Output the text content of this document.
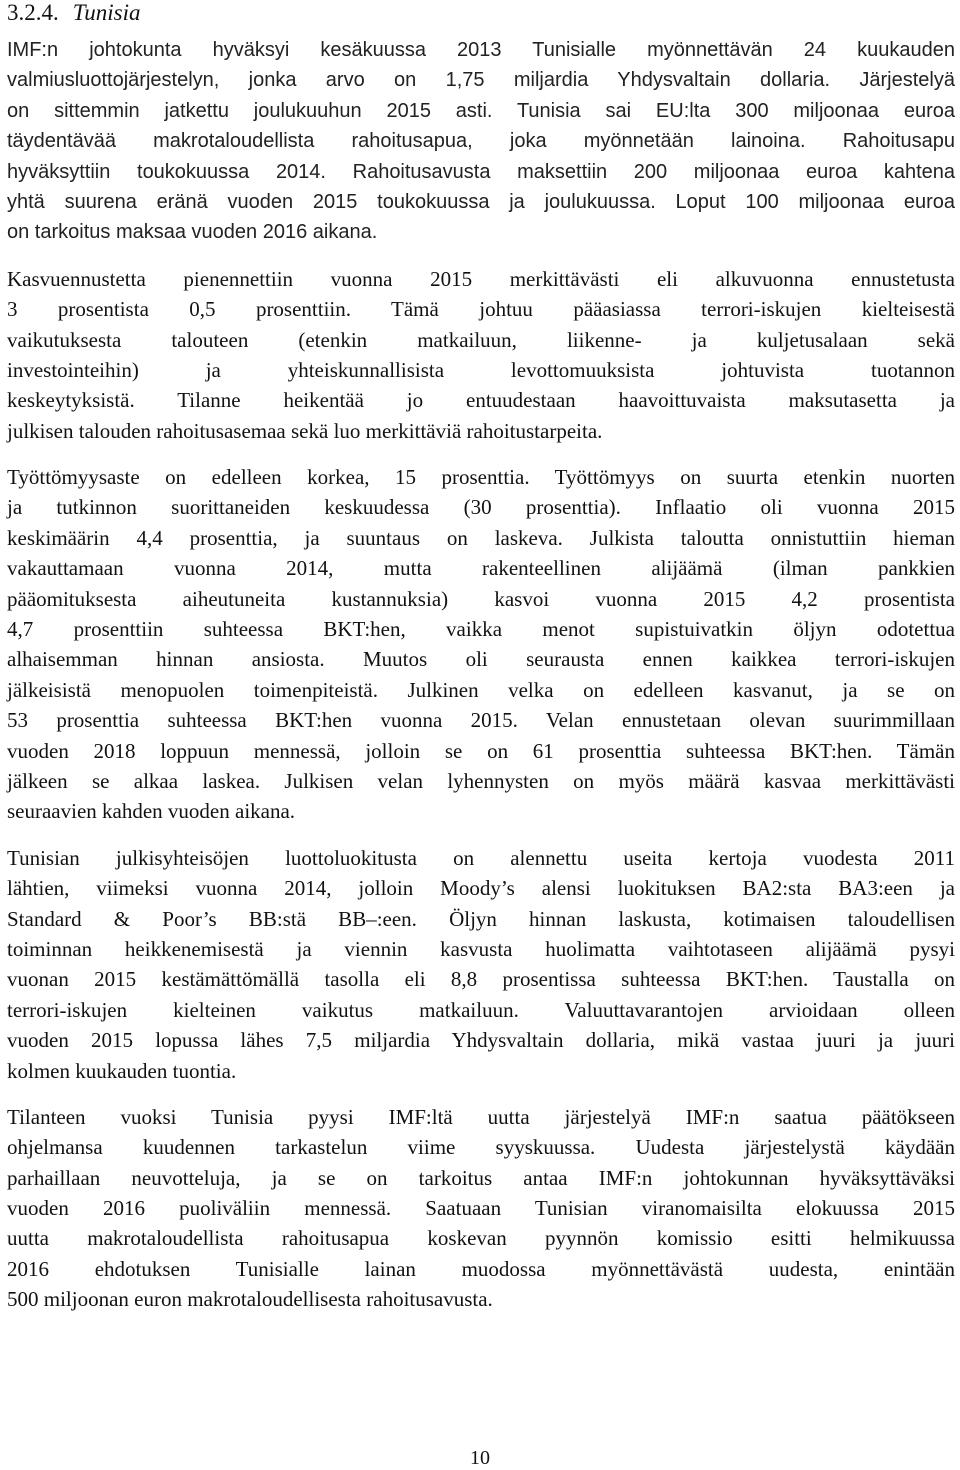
3.2.4. Tunisia
IMF:n johtokunta hyväksyi kesäkuussa 2013 Tunisialle myönnettävän 24 kuukauden
valmiusluottojärjestelyn, jonka arvo on 1,75 miljardia Yhdysvaltain dollaria. Järjestelyä
on sittemmin jatkettu joulukuuhun 2015 asti. Tunisia sai EU:lta 300 miljoonaa euroa
täydentävää makrotaloudellista rahoitusapua, joka myönnetään lainoina. Rahoitusapu
hyväksyttiin toukokuussa 2014. Rahoitusavusta maksettiin 200 miljoonaa euroa kahtena
yhtä suurena eränä vuoden 2015 toukokuussa ja joulukuussa. Loput 100 miljoonaa euroa
on tarkoitus maksaa vuoden 2016 aikana.
Kasvuennustetta pienennettiin vuonna 2015 merkittävästi eli alkuvuonna ennustetusta
3 prosentista 0,5 prosenttiin. Tämä johtuu pääasiassa terrori-iskujen kielteisestä
vaikutuksesta talouteen (etenkin matkailuun, liikenne- ja kuljetusalaan sekä
investointeihin) ja yhteiskunnallisista levottomuuksista johtuvista tuotannon
keskeytyksistä. Tilanne heikentää jo entuudestaan haavoittuvaista maksutasetta ja
julkisen talouden rahoitusasemaa sekä luo merkittäviä rahoitustarpeita.
Työttömyysaste on edelleen korkea, 15 prosenttia. Työttömyys on suurta etenkin nuorten
ja tutkinnon suorittaneiden keskuudessa (30 prosenttia). Inflaatio oli vuonna 2015
keskimäärin 4,4 prosenttia, ja suuntaus on laskeva. Julkista taloutta onnistuttiin hieman
vakauttamaan vuonna 2014, mutta rakenteellinen alijäämä (ilman pankkien
pääomituksesta aiheutuneita kustannuksia) kasvoi vuonna 2015 4,2 prosentista
4,7 prosenttiin suhteessa BKT:hen, vaikka menot supistuivatkin öljyn odotettua
alhaisemman hinnan ansiosta. Muutos oli seurausta ennen kaikkea terrori-iskujen
jälkeisistä menopuolen toimenpiteistä. Julkinen velka on edelleen kasvanut, ja se on
53 prosenttia suhteessa BKT:hen vuonna 2015. Velan ennustetaan olevan suurimmillaan
vuoden 2018 loppuun mennessä, jolloin se on 61 prosenttia suhteessa BKT:hen. Tämän
jälkeen se alkaa laskea. Julkisen velan lyhennysten on myös määrä kasvaa merkittävästi
seuraavien kahden vuoden aikana.
Tunisian julkisyhteisöjen luottoluokitusta on alennettu useita kertoja vuodesta 2011
lähtien, viimeksi vuonna 2014, jolloin Moody’s alensi luokituksen BA2:sta BA3:een ja
Standard & Poor’s BB:stä BB–:een. Öljyn hinnan laskusta, kotimaisen taloudellisen
toiminnan heikkenemisestä ja viennin kasvusta huolimatta vaihtotaseen alijäämä pysyi
vuonan 2015 kestämättömällä tasolla eli 8,8 prosentissa suhteessa BKT:hen. Taustalla on
terrori-iskujen kielteinen vaikutus matkailuun. Valuuttavarantojen arvioidaan olleen
vuoden 2015 lopussa lähes 7,5 miljardia Yhdysvaltain dollaria, mikä vastaa juuri ja juuri
kolmen kuukauden tuontia.
Tilanteen vuoksi Tunisia pyysi IMF:ltä uutta järjestelyä IMF:n saatua päätökseen
ohjelmansa kuudennen tarkastelun viime syyskuussa. Uudesta järjestelystä käydään
parhaillaan neuvotteluja, ja se on tarkoitus antaa IMF:n johtokunnan hyväksyttäväksi
vuoden 2016 puoliväliin mennessä. Saatuaan Tunisian viranomaisilta elokuussa 2015
uutta makrotaloudellista rahoitusapua koskevan pyynnön komissio esitti helmikuussa
2016 ehdotuksen Tunisialle lainan muodossa myönnettävästä uudesta, enintään
500 miljoonan euron makrotaloudellisesta rahoitusavusta.
10
